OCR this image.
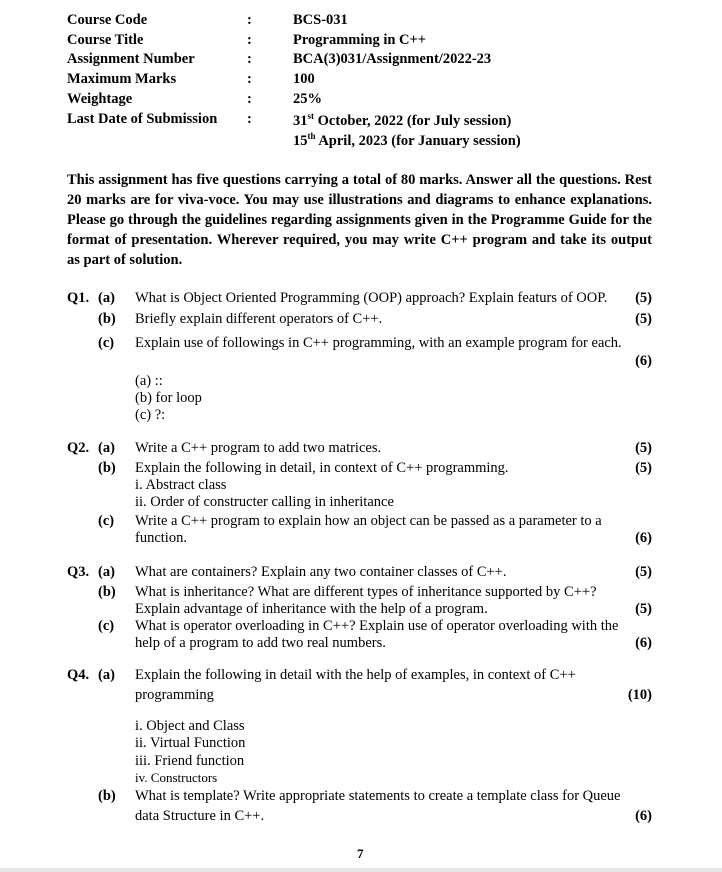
Course Code	:	BCS-031
Course Title	:	Programming in C++
Assignment Number	:	BCA(3)031/Assignment/2022-23
Maximum Marks	:	100
Weightage	:	25%
Last Date of Submission :	31st October, 2022 (for July session)
15th April, 2023 (for January session)
This assignment has five questions carrying a total of 80 marks. Answer all the questions. Rest 20 marks are for viva-voce. You may use illustrations and diagrams to enhance explanations. Please go through the guidelines regarding assignments given in the Programme Guide for the format of presentation. Wherever required, you may write C++ program and take its output as part of solution.
Q1. (a) What is Object Oriented Programming (OOP) approach? Explain featurs of OOP.	(5)
(b) Briefly explain different operators of C++.	(5)
(c) Explain use of followings in C++ programming, with an example program for each.
(6)
(a) ::
(b) for loop
(c) ?:
Q2. (a) Write a C++ program to add two matrices.	(5)
(b) Explain the following in detail, in context of C++ programming.	(5)
i. Abstract class
ii. Order of constructer calling in inheritance
(c) Write a C++ program to explain how an object can be passed as a parameter to a
function.	(6)
Q3. (a) What are containers? Explain any two container classes of C++.	(5)
(b) What is inheritance? What are different types of inheritance supported by C++?
Explain advantage of inheritance with the help of a program.	(5)
(c) What is operator overloading in C++? Explain use of operator overloading with the
help of a program to add two real numbers.	(6)
Q4. (a) Explain the following in detail with the help of examples, in context of C++
programming	(10)
i. Object and Class
ii. Virtual Function
iii. Friend function
iv. Constructors
(b) What is template? Write appropriate statements to create a template class for Queue
data Structure in C++.	(6)
7
